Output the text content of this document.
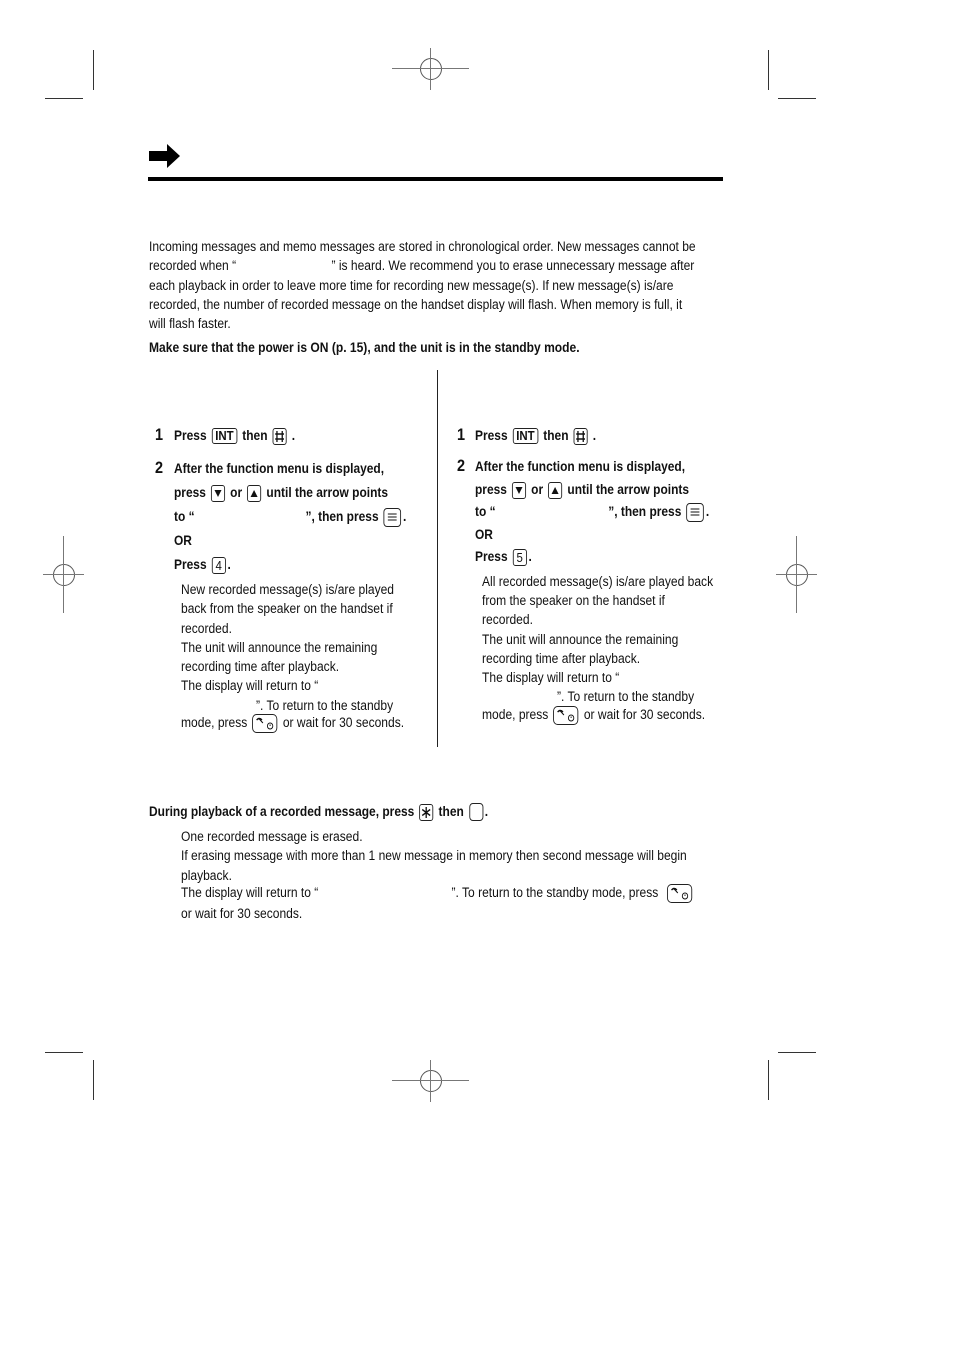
Incoming messages and memo messages are stored in chronological order. New messages cannot be
recorded when “	” is heard. We recommend you to erase unnecessary message after
each playback in order to leave more time for recording new message(s). If new message(s) is/are
recorded, the number of recorded message on the handset display will flash. When memory is full, it
will flash faster.
Make sure that the power is ON (p. 15), and the unit is in the standby mode.
1 Press INT then .
2 After the function menu is displayed,
press or until the arrow points
to “	”, then press .
OR
Press 4 .
New recorded message(s) is/are played
back from the speaker on the handset if
recorded.
The unit will announce the remaining
recording time after playback.
The display will return to “
”. To return to the standby
mode, press	or wait for 30 seconds.
1 Press INT then .
2 After the function menu is displayed,
press or until the arrow points
to “	”, then press .
OR
Press 5 .
All recorded message(s) is/are played back
from the speaker on the handset if
recorded.
The unit will announce the remaining
recording time after playback.
The display will return to “
”. To return to the standby
mode, press	or wait for 30 seconds.
During playback of a recorded message, press then .
One recorded message is erased.
If erasing message with more than 1 new message in memory then second message will begin
playback.
The display will return to “	”. To return to the standby mode, press
or wait for 30 seconds.
